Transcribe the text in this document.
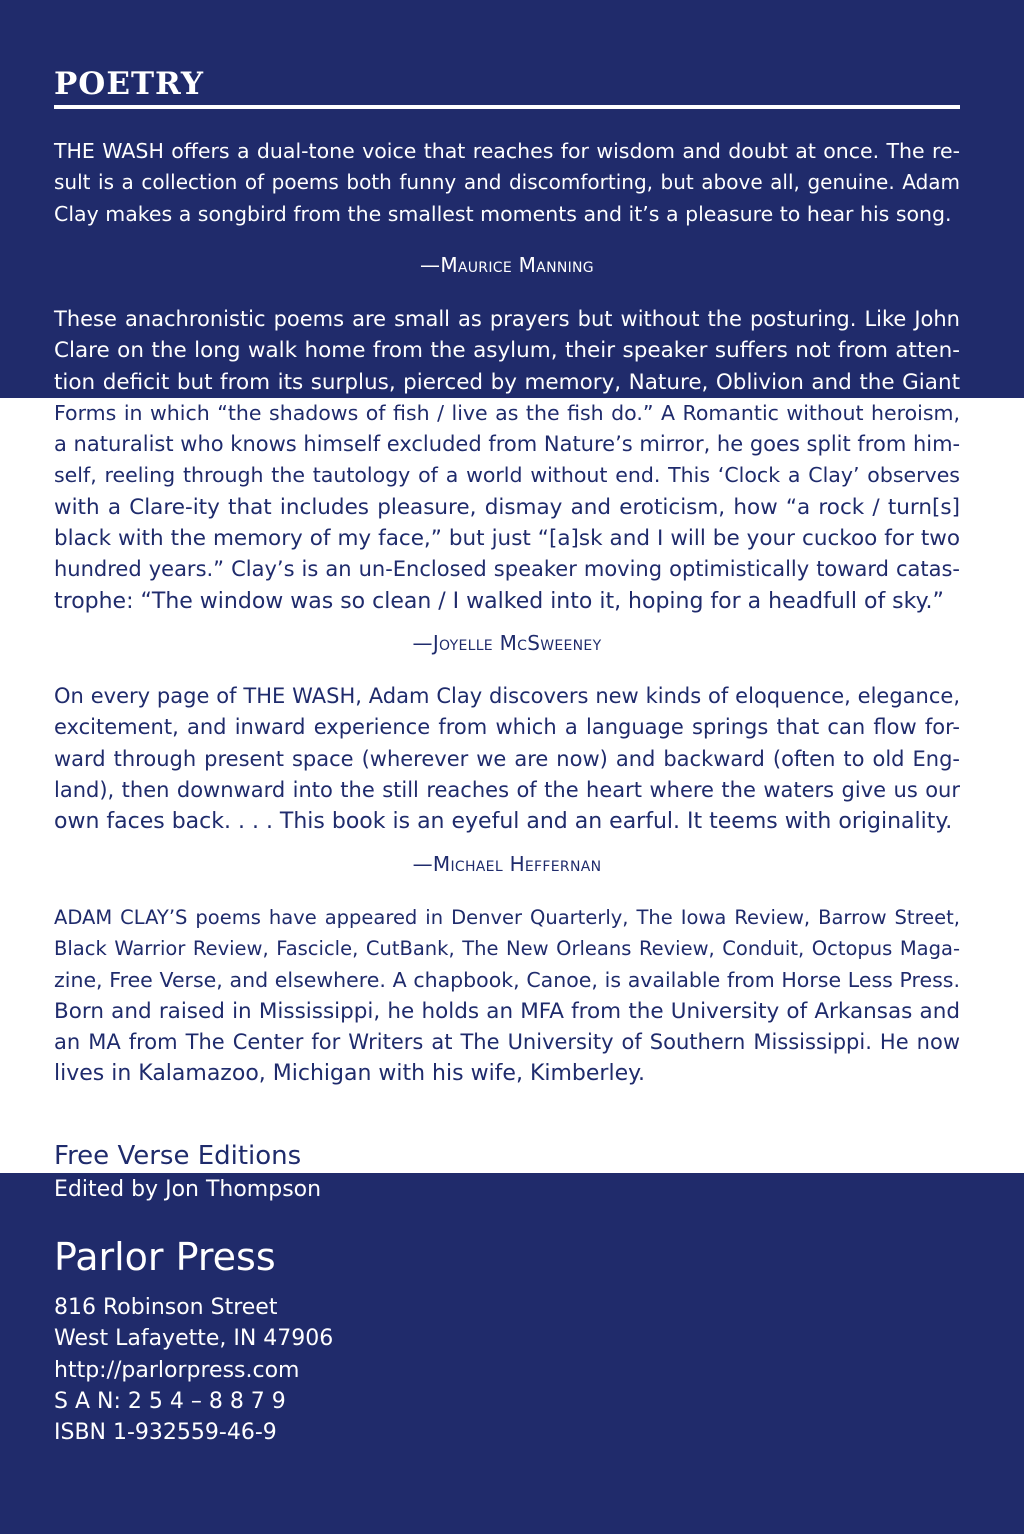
POETRY
THE WASH offers a dual-tone voice that reaches for wisdom and doubt at once. The re-
sult is a collection of poems both funny and discomforting, but above all, genuine. Adam
Clay makes a songbird from the smallest moments and it’s a pleasure to hear his song.
—Maurice Manning
These anachronistic poems are small as prayers but without the posturing. Like John
Clare on the long walk home from the asylum, their speaker suffers not from atten-
tion deficit but from its surplus, pierced by memory, Nature, Oblivion and the Giant
Forms in which “the shadows of fish / live as the fish do.” A Romantic without heroism,
a naturalist who knows himself excluded from Nature’s mirror, he goes split from him-
self, reeling through the tautology of a world without end. This ‘Clock a Clay’ observes
with a Clare-ity that includes pleasure, dismay and eroticism, how “a rock / turn[s]
black with the memory of my face,” but just “[a]sk and I will be your cuckoo for two
hundred years.” Clay’s is an un-Enclosed speaker moving optimistically toward catas-
trophe: “The window was so clean / I walked into it, hoping for a headfull of sky.”
—Joyelle McSweeney
On every page of THE WASH, Adam Clay discovers new kinds of eloquence, elegance,
excitement, and inward experience from which a language springs that can flow for-
ward through present space (wherever we are now) and backward (often to old Eng-
land), then downward into the still reaches of the heart where the waters give us our
own faces back. . . . This book is an eyeful and an earful. It teems with originality.
—Michael Heffernan
ADAM CLAY’S poems have appeared in Denver Quarterly, The Iowa Review, Barrow Street,
Black Warrior Review, Fascicle, CutBank, The New Orleans Review, Conduit, Octopus Maga-
zine, Free Verse, and elsewhere. A chapbook, Canoe, is available from Horse Less Press.
Born and raised in Mississippi, he holds an MFA from the University of Arkansas and
an MA from The Center for Writers at The University of Southern Mississippi. He now
lives in Kalamazoo, Michigan with his wife, Kimberley.
Free Verse Editions
Edited by Jon Thompson
Parlor Press
816 Robinson Street
West Lafayette, IN 47906
http://parlorpress.com
S A N: 2 5 4 – 8 8 7 9
ISBN 1-932559-46-9
